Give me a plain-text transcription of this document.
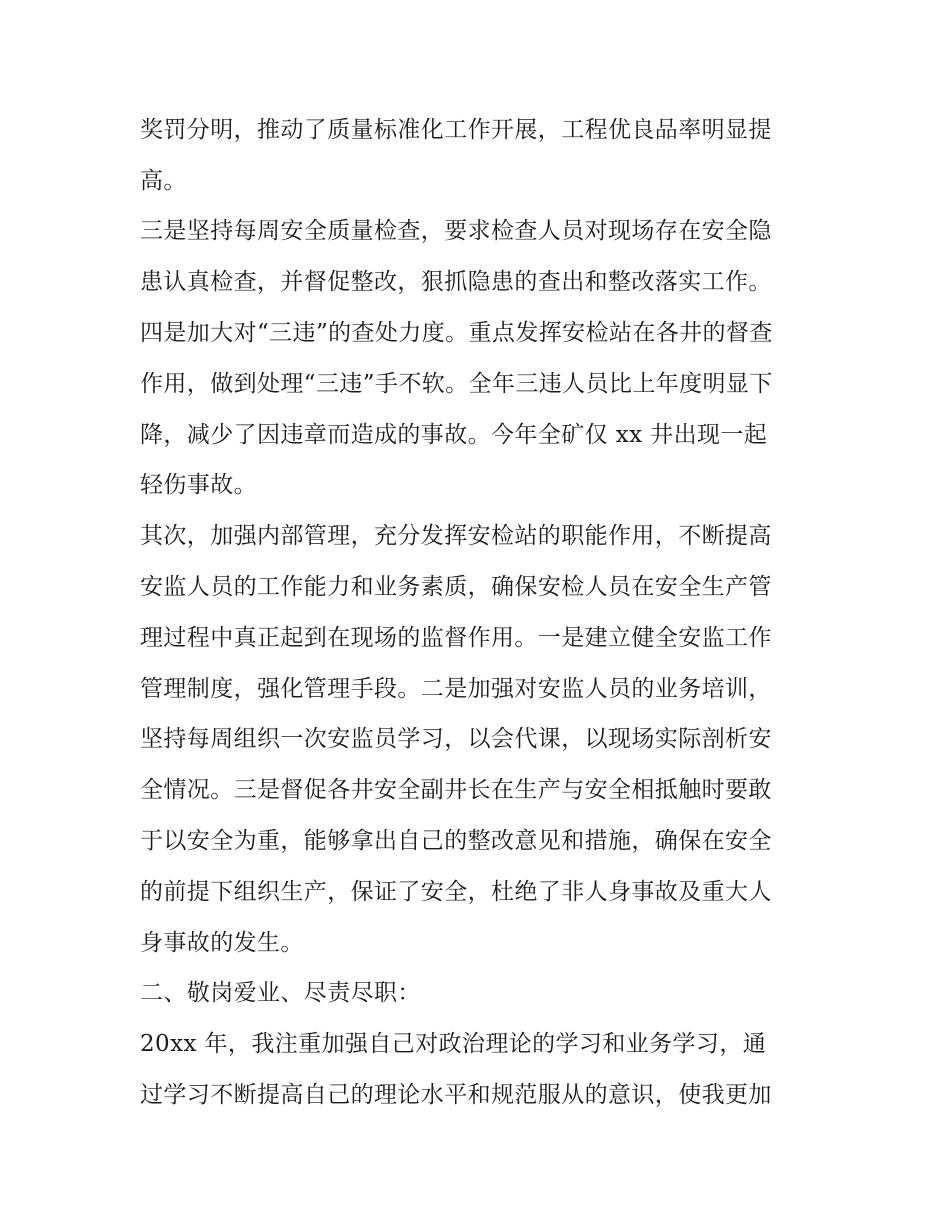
奖罚分明，推动了质量标准化工作开展，工程优良品率明显提
高。
三是坚持每周安全质量检查，要求检查人员对现场存在安全隐
患认真检查，并督促整改，狠抓隐患的查出和整改落实工作。
四是加大对“三违”的查处力度。重点发挥安检站在各井的督查
作用，做到处理“三违”手不软。全年三违人员比上年度明显下
降，减少了因违章而造成的事故。今年全矿仅 xx 井出现一起
轻伤事故。
其次，加强内部管理，充分发挥安检站的职能作用，不断提高
安监人员的工作能力和业务素质，确保安检人员在安全生产管
理过程中真正起到在现场的监督作用。一是建立健全安监工作
管理制度，强化管理手段。二是加强对安监人员的业务培训，
坚持每周组织一次安监员学习，以会代课，以现场实际剖析安
全情况。三是督促各井安全副井长在生产与安全相抵触时要敢
于以安全为重，能够拿出自己的整改意见和措施，确保在安全
的前提下组织生产，保证了安全，杜绝了非人身事故及重大人
身事故的发生。
二、敬岗爱业、尽责尽职：
20xx 年，我注重加强自己对政治理论的学习和业务学习，通
过学习不断提高自己的理论水平和规范服从的意识，使我更加
